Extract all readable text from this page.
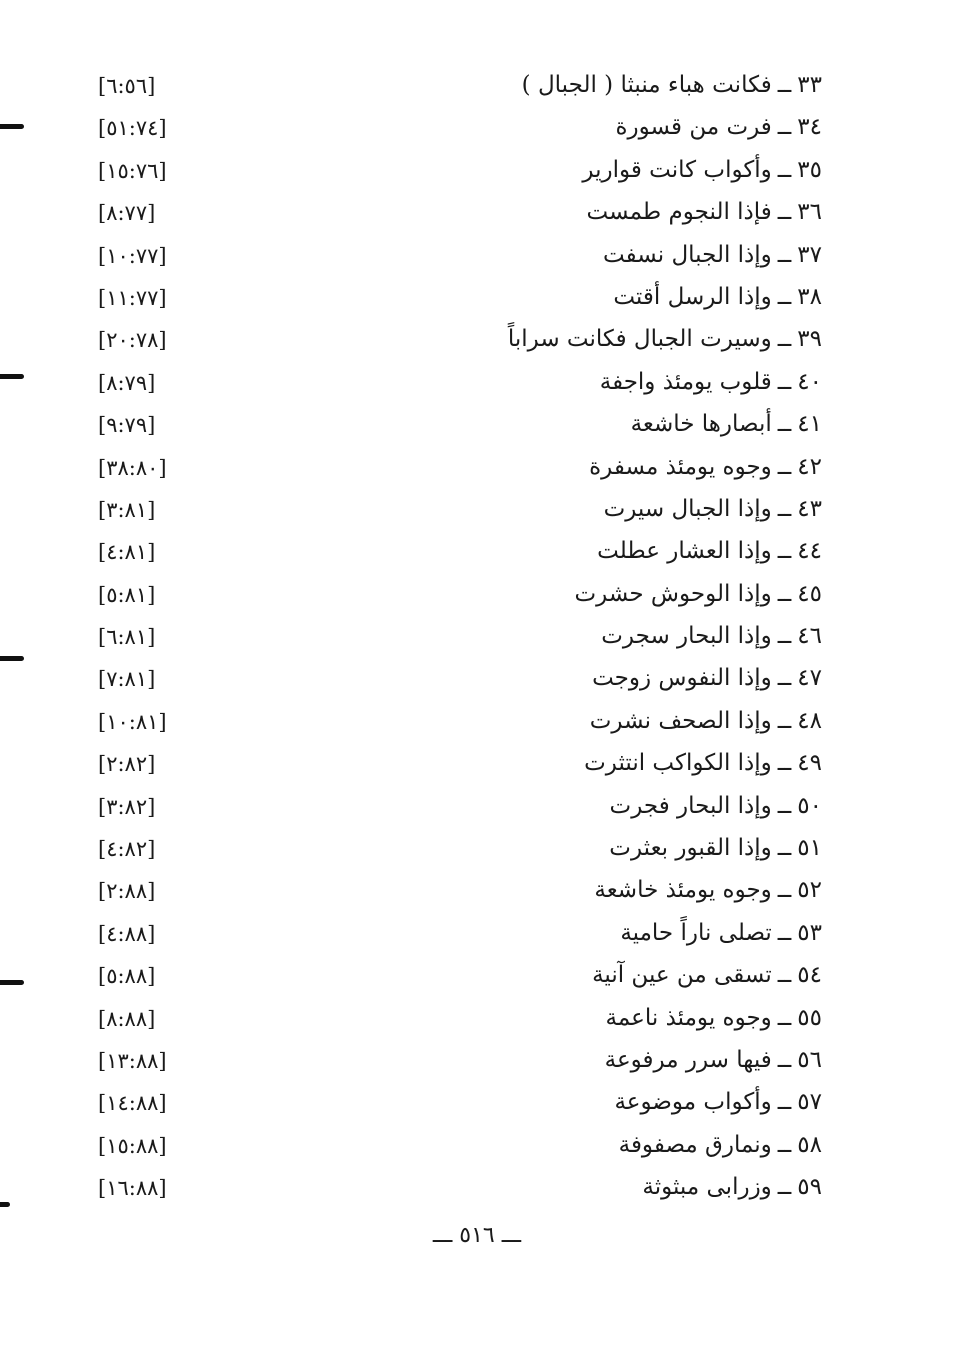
٣٣ــفكانت هباء منبثا ( الجبال )
[٦:٥٦]
٣٤ــفرت من قسورة
[٥١:٧٤]
٣٥ــوأكواب كانت قوارير
[١٥:٧٦]
٣٦ــفإذا النجوم طمست
[٨:٧٧]
٣٧ــوإذا الجبال نسفت
[١٠:٧٧]
٣٨ــوإذا الرسل أقتت
[١١:٧٧]
٣٩ــوسيرت الجبال فكانت سراباً
[٢٠:٧٨]
٤٠ــقلوب يومئذ واجفة
[٨:٧٩]
٤١ــأبصارها خاشعة
[٩:٧٩]
٤٢ــوجوه يومئذ مسفرة
[٣٨:٨٠]
٤٣ــوإذا الجبال سيرت
[٣:٨١]
٤٤ــوإذا العشار عطلت
[٤:٨١]
٤٥ــوإذا الوحوش حشرت
[٥:٨١]
٤٦ــوإذا البحار سجرت
[٦:٨١]
٤٧ــوإذا النفوس زوجت
[٧:٨١]
٤٨ــوإذا الصحف نشرت
[١٠:٨١]
٤٩ــوإذا الكواكب انتثرت
[٢:٨٢]
٥٠ــوإذا البحار فجرت
[٣:٨٢]
٥١ــوإذا القبور بعثرت
[٤:٨٢]
٥٢ــوجوه يومئذ خاشعة
[٢:٨٨]
٥٣ــتصلى ناراً حامية
[٤:٨٨]
٥٤ــتسقى من عين آنية
[٥:٨٨]
٥٥ــوجوه يومئذ ناعمة
[٨:٨٨]
٥٦ــفيها سرر مرفوعة
[١٣:٨٨]
٥٧ــوأكواب موضوعة
[١٤:٨٨]
٥٨ــونمارق مصفوفة
[١٥:٨٨]
٥٩ــوزرابى مبثوثة
[١٦:٨٨]
ـــ ٥١٦ ـــ
